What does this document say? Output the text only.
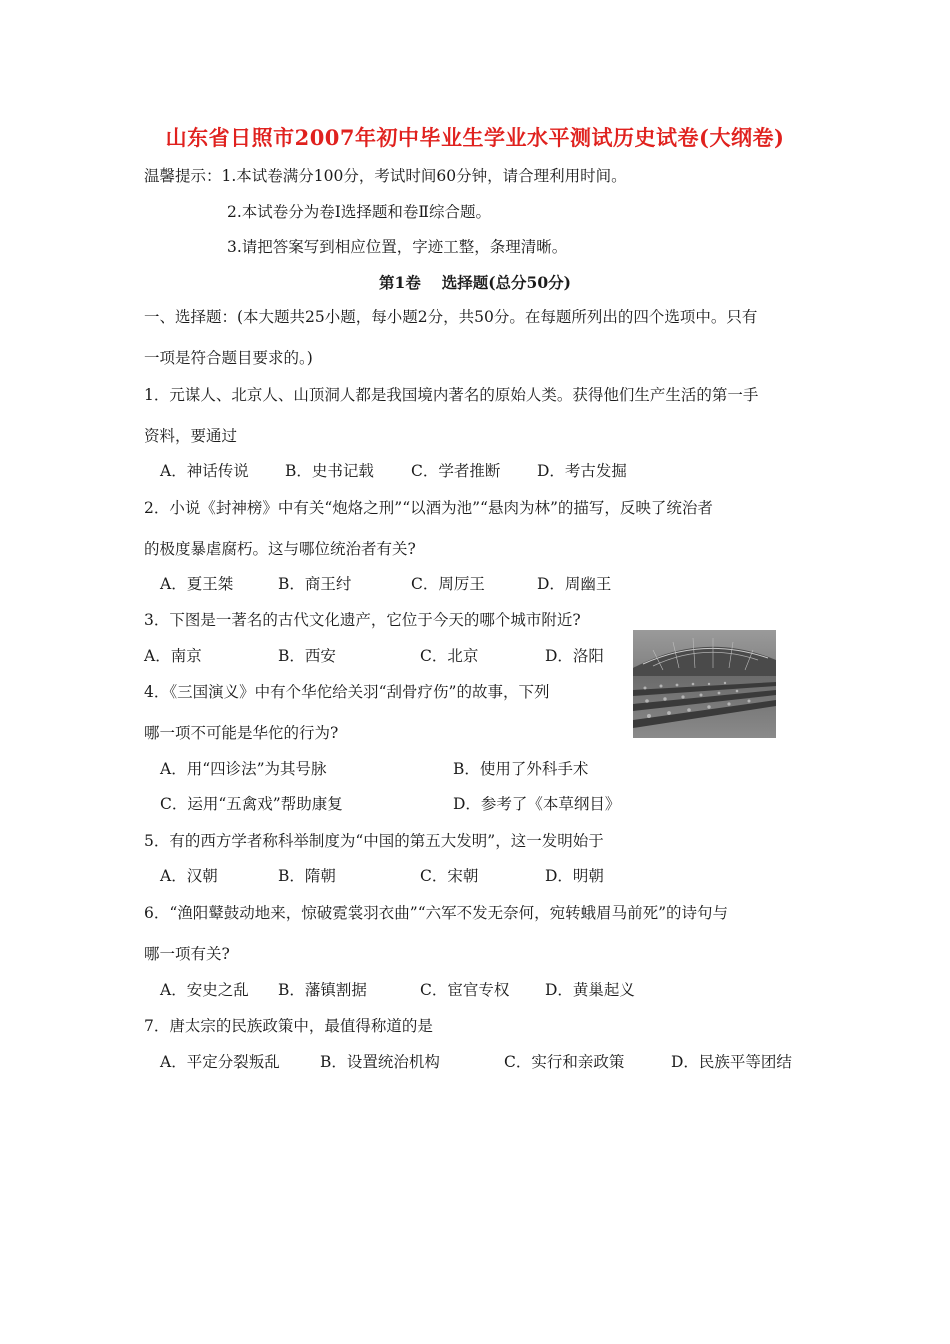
山东省日照市2007年初中毕业生学业水平测试历史试卷(大纲卷)
温馨提示：1.本试卷满分100分，考试时间60分钟，请合理利用时间。
2.本试卷分为卷Ⅰ选择题和卷Ⅱ综合题。
3.请把答案写到相应位置，字迹工整，条理清晰。
第1卷　 选择题(总分50分)
一、选择题：(本大题共25小题，每小题2分，共50分。在每题所列出的四个选项中。只有
一项是符合题目要求的。)
1．元谋人、北京人、山顶洞人都是我国境内著名的原始人类。获得他们生产生活的第一手
资料，要通过
A．神话传说 B．史书记载 C．学者推断 D．考古发掘
2．小说《封神榜》中有关“炮烙之刑”“以酒为池”“悬肉为林”的描写，反映了统治者
的极度暴虐腐朽。这与哪位统治者有关?
A．夏王桀	B．商王纣	C．周厉王	D．周幽王
3．下图是一著名的古代文化遗产，它位于今天的哪个城市附近?
A．南京	B．西安	C．北京	D．洛阳
4．《三国演义》中有个华佗给关羽“刮骨疗伤”的故事，下列
哪一项不可能是华佗的行为?
A．用“四诊法”为其号脉	B．使用了外科手术
C．运用“五禽戏”帮助康复	D．参考了《本草纲目》
5．有的西方学者称科举制度为“中国的第五大发明”，这一发明始于
A．汉朝	B．隋朝	C．宋朝	D．明朝
6．“渔阳鼙鼓动地来，惊破霓裳羽衣曲”“六军不发无奈何，宛转蛾眉马前死”的诗句与
哪一项有关?
A．安史之乱 B．藩镇割据	C．宦官专权 D．黄巢起义
7．唐太宗的民族政策中，最值得称道的是
A．平定分裂叛乱	B．设置统治机构	C．实行和亲政策	D．民族平等团结
